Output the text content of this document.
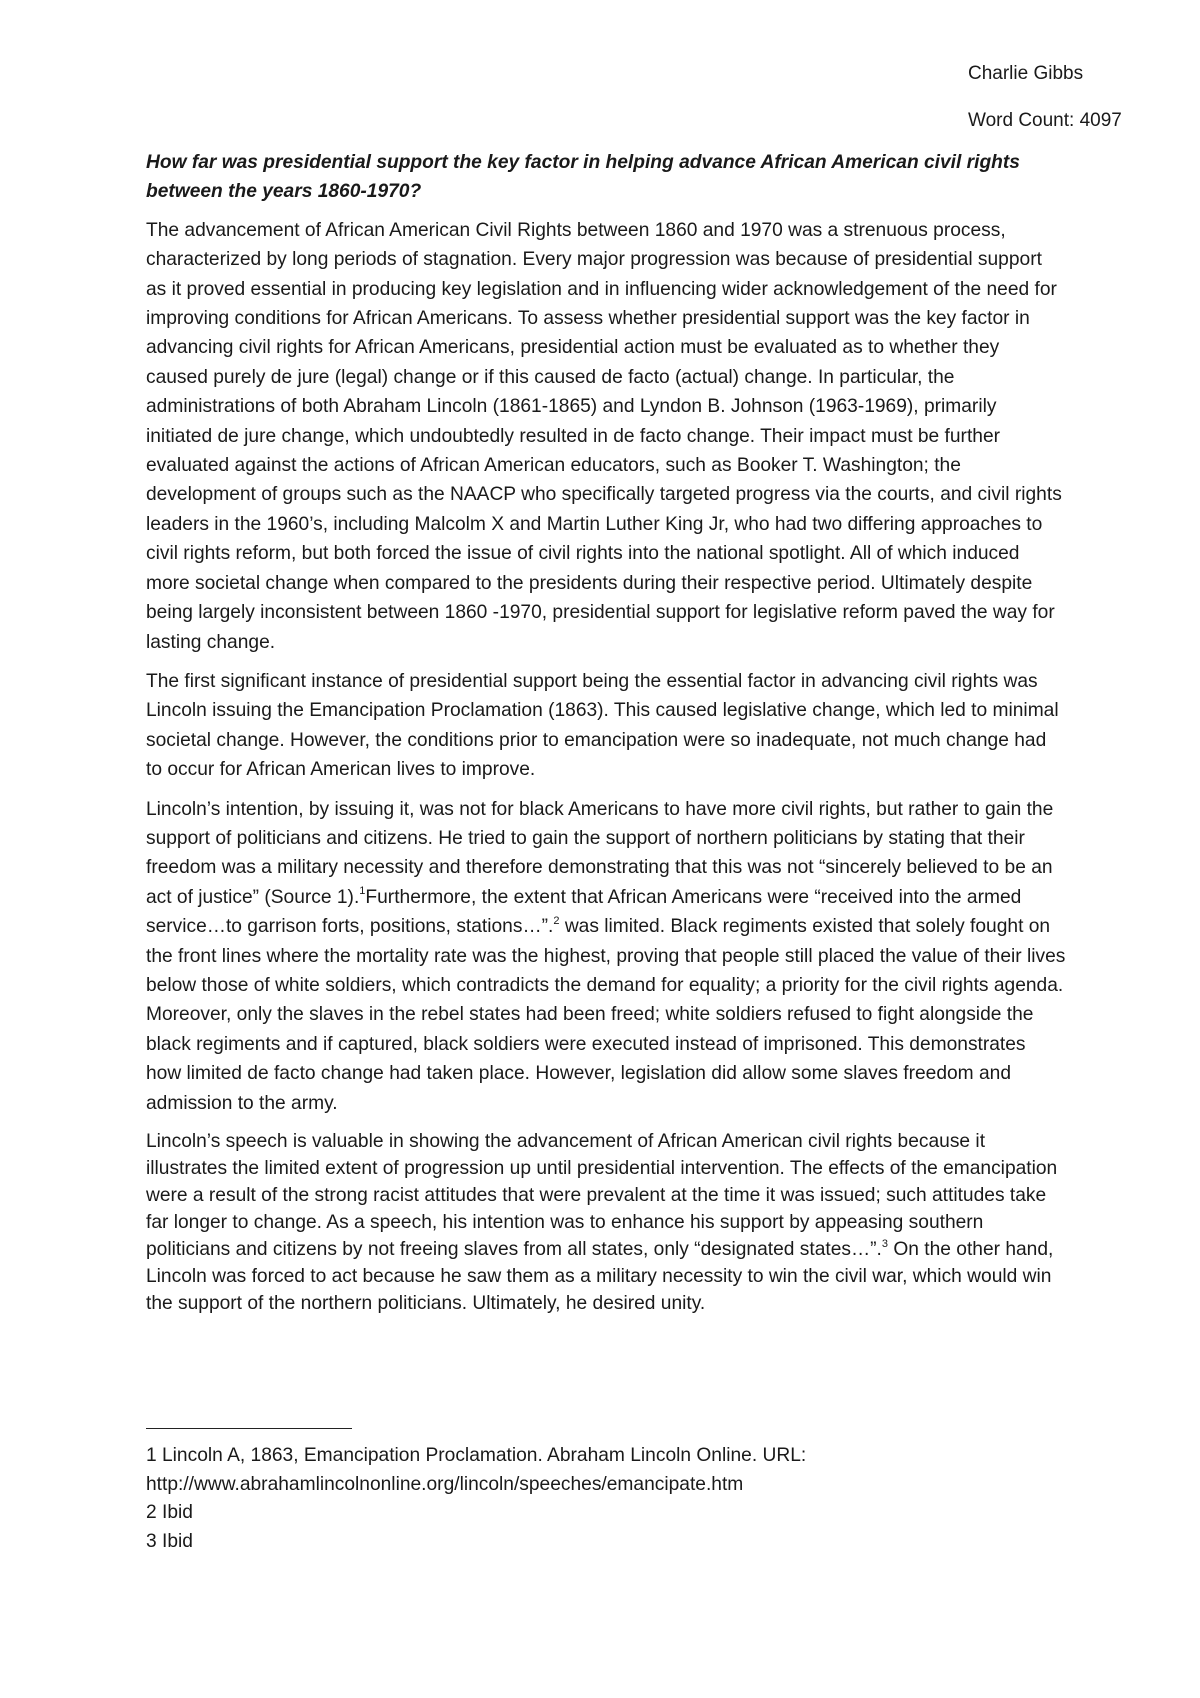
Charlie Gibbs
Word Count: 4097

How far was presidential support the key factor in helping advance African American civil rights between the years 1860-1970?

The advancement of African American Civil Rights between 1860 and 1970 was a strenuous process, characterized by long periods of stagnation. Every major progression was because of presidential support as it proved essential in producing key legislation and in influencing wider acknowledgement of the need for improving conditions for African Americans. To assess whether presidential support was the key factor in advancing civil rights for African Americans, presidential action must be evaluated as to whether they caused purely de jure (legal) change or if this caused de facto (actual) change. In particular, the administrations of both Abraham Lincoln (1861-1865) and Lyndon B. Johnson (1963-1969), primarily initiated de jure change, which undoubtedly resulted in de facto change. Their impact must be further evaluated against the actions of African American educators, such as Booker T. Washington; the development of groups such as the NAACP who specifically targeted progress via the courts, and civil rights leaders in the 1960’s, including Malcolm X and Martin Luther King Jr, who had two differing approaches to civil rights reform, but both forced the issue of civil rights into the national spotlight. All of which induced more societal change when compared to the presidents during their respective period. Ultimately despite being largely inconsistent between 1860 -1970, presidential support for legislative reform paved the way for lasting change.

The first significant instance of presidential support being the essential factor in advancing civil rights was Lincoln issuing the Emancipation Proclamation (1863). This caused legislative change, which led to minimal societal change. However, the conditions prior to emancipation were so inadequate, not much change had to occur for African American lives to improve.

Lincoln’s intention, by issuing it, was not for black Americans to have more civil rights, but rather to gain the support of politicians and citizens. He tried to gain the support of northern politicians by stating that their freedom was a military necessity and therefore demonstrating that this was not “sincerely believed to be an act of justice” (Source 1).$^1$Furthermore, the extent that African Americans were “received into the armed service…to garrison forts, positions, stations…”.$^2$ was limited. Black regiments existed that solely fought on the front lines where the mortality rate was the highest, proving that people still placed the value of their lives below those of white soldiers, which contradicts the demand for equality; a priority for the civil rights agenda. Moreover, only the slaves in the rebel states had been freed; white soldiers refused to fight alongside the black regiments and if captured, black soldiers were executed instead of imprisoned. This demonstrates how limited de facto change had taken place. However, legislation did allow some slaves freedom and admission to the army.

Lincoln’s speech is valuable in showing the advancement of African American civil rights because it illustrates the limited extent of progression up until presidential intervention. The effects of the emancipation were a result of the strong racist attitudes that were prevalent at the time it was issued; such attitudes take far longer to change. As a speech, his intention was to enhance his support by appeasing southern politicians and citizens by not freeing slaves from all states, only “designated states…”.$^3$ On the other hand, Lincoln was forced to act because he saw them as a military necessity to win the civil war, which would win the support of the northern politicians. Ultimately, he desired unity.

1 Lincoln A, 1863, Emancipation Proclamation. Abraham Lincoln Online. URL:

http://www.abrahamlincolnonline.org/lincoln/speeches/emancipate.htm

2 Ibid

3 Ibid
